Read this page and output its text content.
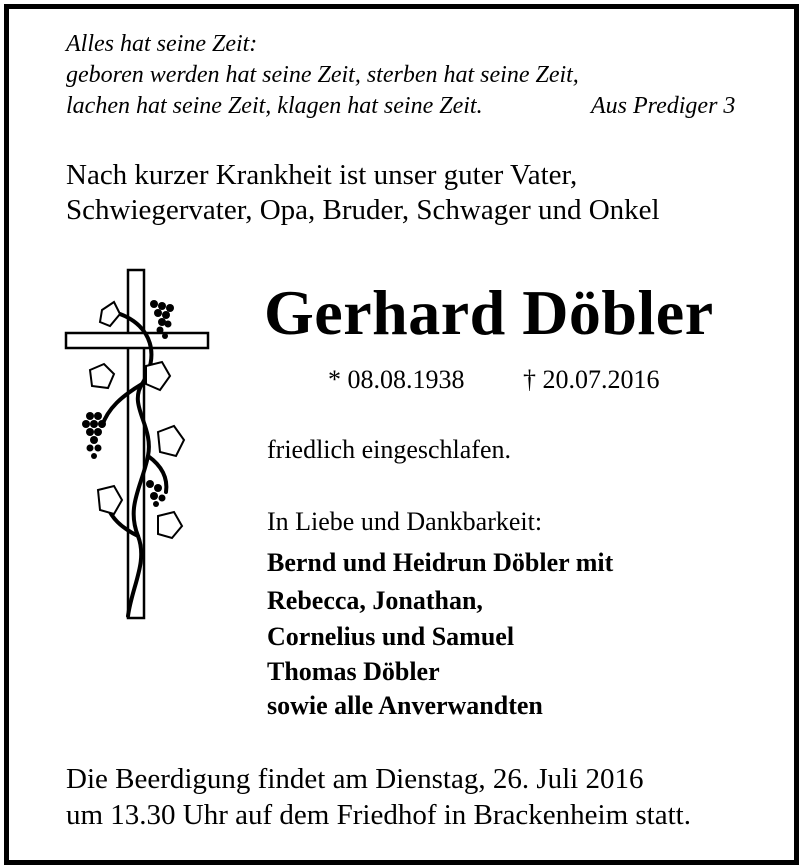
Alles hat seine Zeit:
geboren werden hat seine Zeit, sterben hat seine Zeit,
lachen hat seine Zeit, klagen hat seine Zeit.	Aus Prediger 3
Nach kurzer Krankheit ist unser guter Vater,
Schwiegervater, Opa, Bruder, Schwager und Onkel
Gerhard Döbler
* 08.08.1938 † 20.07.2016
friedlich eingeschlafen.
In Liebe und Dankbarkeit:
Bernd und Heidrun Döbler mit
Rebecca, Jonathan,
Cornelius und Samuel
Thomas Döbler
sowie alle Anverwandten
Die Beerdigung findet am Dienstag, 26. Juli 2016
um 13.30 Uhr auf dem Friedhof in Brackenheim statt.
